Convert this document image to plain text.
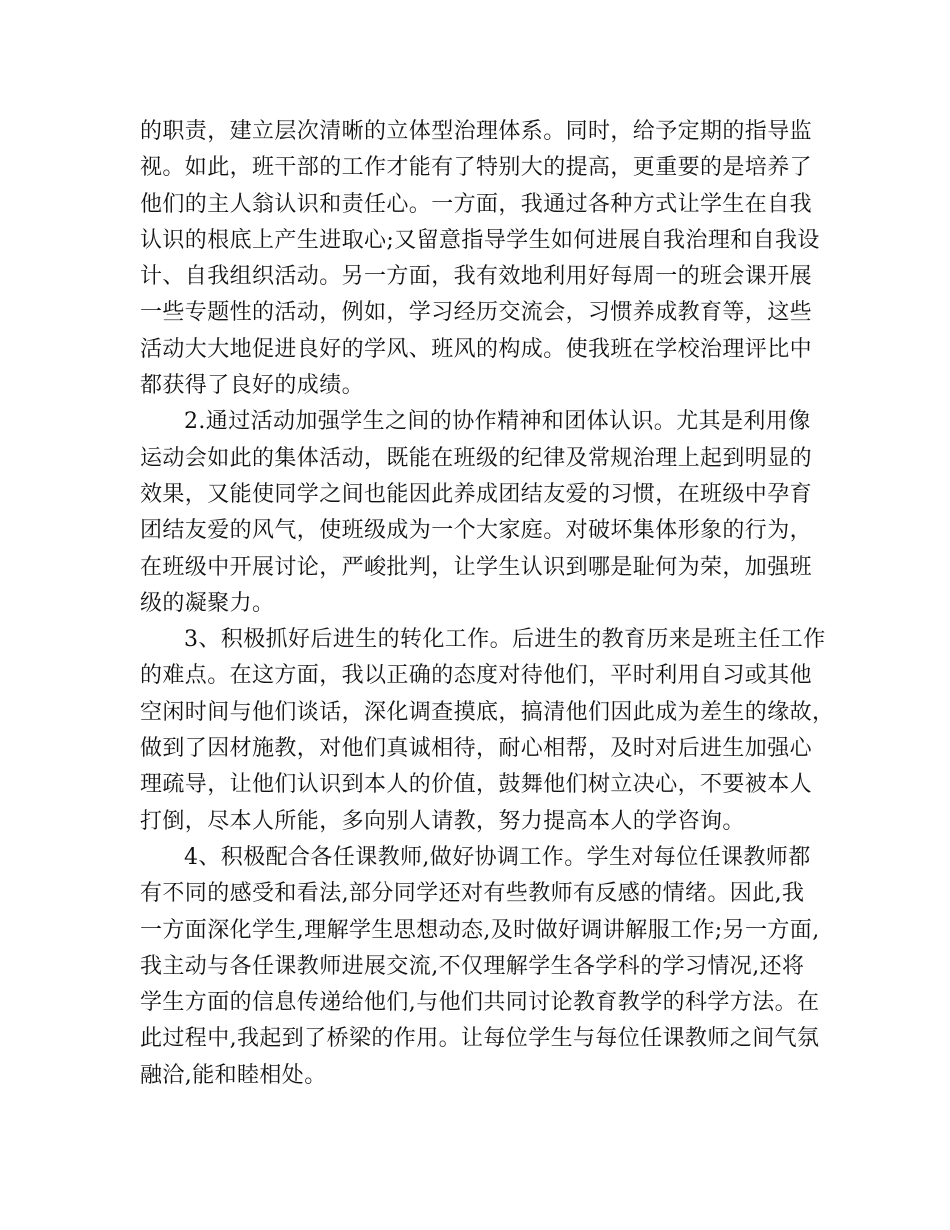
的职责，建立层次清晰的立体型治理体系。同时，给予定期的指导监
视。如此，班干部的工作才能有了特别大的提高，更重要的是培养了
他们的主人翁认识和责任心。一方面，我通过各种方式让学生在自我
认识的根底上产生进取心;又留意指导学生如何进展自我治理和自我设
计、自我组织活动。另一方面，我有效地利用好每周一的班会课开展
一些专题性的活动，例如，学习经历交流会，习惯养成教育等，这些
活动大大地促进良好的学风、班风的构成。使我班在学校治理评比中
都获得了良好的成绩。
2.通过活动加强学生之间的协作精神和团体认识。尤其是利用像
运动会如此的集体活动，既能在班级的纪律及常规治理上起到明显的
效果，又能使同学之间也能因此养成团结友爱的习惯，在班级中孕育
团结友爱的风气，使班级成为一个大家庭。对破坏集体形象的行为，
在班级中开展讨论，严峻批判，让学生认识到哪是耻何为荣，加强班
级的凝聚力。
3、积极抓好后进生的转化工作。后进生的教育历来是班主任工作
的难点。在这方面，我以正确的态度对待他们，平时利用自习或其他
空闲时间与他们谈话，深化调查摸底，搞清他们因此成为差生的缘故，
做到了因材施教，对他们真诚相待，耐心相帮，及时对后进生加强心
理疏导，让他们认识到本人的价值，鼓舞他们树立决心，不要被本人
打倒，尽本人所能，多向别人请教，努力提高本人的学咨询。
4、积极配合各任课教师,做好协调工作。学生对每位任课教师都
有不同的感受和看法,部分同学还对有些教师有反感的情绪。因此,我
一方面深化学生,理解学生思想动态,及时做好调讲解服工作;另一方面,
我主动与各任课教师进展交流,不仅理解学生各学科的学习情况,还将
学生方面的信息传递给他们,与他们共同讨论教育教学的科学方法。在
此过程中,我起到了桥梁的作用。让每位学生与每位任课教师之间气氛
融洽,能和睦相处。
